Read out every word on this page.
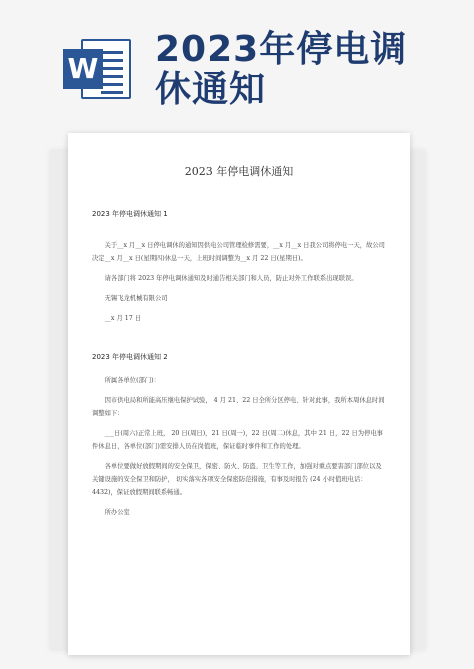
W 2023年停电调
休通知
2023 年停电调休通知
2023 年停电调休通知 1
关于__x 月__x 日停电调休的通知因供电公司管理检修需要，__x 月__x 日我公司将停电一天，故公司决定__x 月__x 日(星期四)休息一天，上班时间调整为__x 月 22 日(星期日)。
请各部门将 2023 年停电调休通知及时通告相关部门和人员，防止对外工作联系出现联误。
无锡飞龙机械有限公司
__x 月 17 日
2023 年停电调休通知 2
所属各单位(部门)：
因市供电局和所能高压继电保护试验， 4 月 21、22 日全所分区停电、针对此事，我所本周休息时间调整如下：
___日(周六)正常上班， 20 日(周日)，21 日(周一)，22 日(周二)休息，其中 21 日，22 日为停电事件休息日，各单位(部门)需安排人员在岗值班，保证临时事件和工作的处理。
各单位要做好放假期间的安全保卫，保密、防火、防盗、卫生等工作，加强对重点要害部门部位以及关键设施的安全保卫和防护， 切实落实各项安全保密防范措施，有事及时报告 (24 小时值班电话：4432)，保证放假期间联系畅通。
所办公室
